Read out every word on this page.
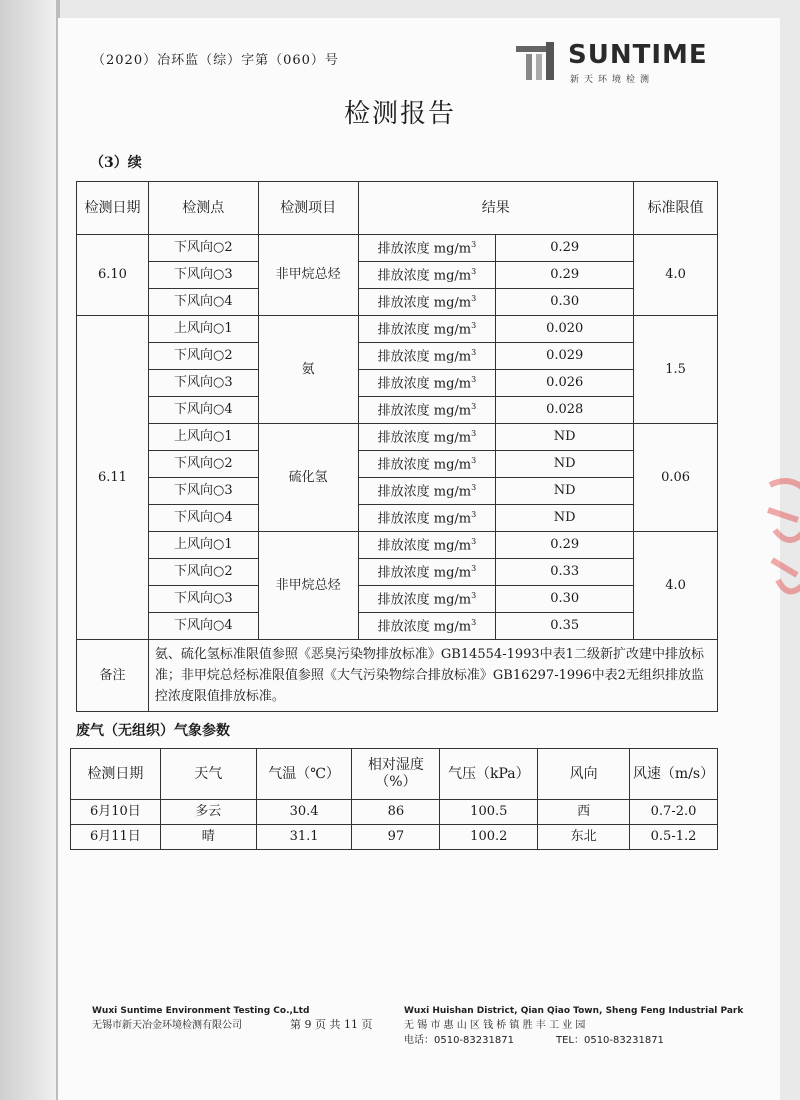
（2020）冶环监（综）字第（060）号	SUNTIME
新天环境检测
检测报告
（3）续
检测日期	检测点	检测项目	结果		标准限值
6.10	下风向○2	非甲烷总烃	排放浓度 $mg/m^3$	0.29	4.0
	下风向○3		排放浓度 $mg/m^3$	0.29	
	下风向○4		排放浓度 $mg/m^3$	0.30	
6.11	上风向○1	氨	排放浓度 $mg/m^3$	0.020	1.5
	下风向○2		排放浓度 $mg/m^3$	0.029	
	下风向○3		排放浓度 $mg/m^3$	0.026	
	下风向○4		排放浓度 $mg/m^3$	0.028	
	上风向○1	硫化氢	排放浓度 $mg/m^3$	ND	0.06
	下风向○2		排放浓度 $mg/m^3$	ND	
	下风向○3		排放浓度 $mg/m^3$	ND	
	下风向○4		排放浓度 $mg/m^3$	ND	
	上风向○1	非甲烷总烃	排放浓度 $mg/m^3$	0.29	4.0
	下风向○2		排放浓度 $mg/m^3$	0.33	
	下风向○3		排放浓度 $mg/m^3$	0.30	
	下风向○4		排放浓度 $mg/m^3$	0.35	
备注	氨、硫化氢标准限值参照《恶臭污染物排放标准》GB14554-1993中表1二级新扩改建中排放标准；非甲烷总烃标准限值参照《大气污染物综合排放标准》GB16297-1996中表2无组织排放监控浓度限值排放标准。				
废气（无组织）气象参数
检测日期	天气	气温（℃）	相对湿度（%）	气压（kPa）	风向	风速（m/s）
6月10日	多云	30.4	86	100.5	西	0.7-2.0
6月11日	晴	31.1	97	100.2	东北	0.5-1.2
Wuxi Suntime Environment Testing Co.,Ltd
无锡市新天冶金环境检测有限公司	第 9 页 共 11 页
Wuxi Huishan District, Qian Qiao Town, Sheng Feng Industrial Park
无 锡 市 惠 山 区 钱 桥 镇 胜 丰 工 业 园
电话：0510-83231871	TEL：0510-83231871
